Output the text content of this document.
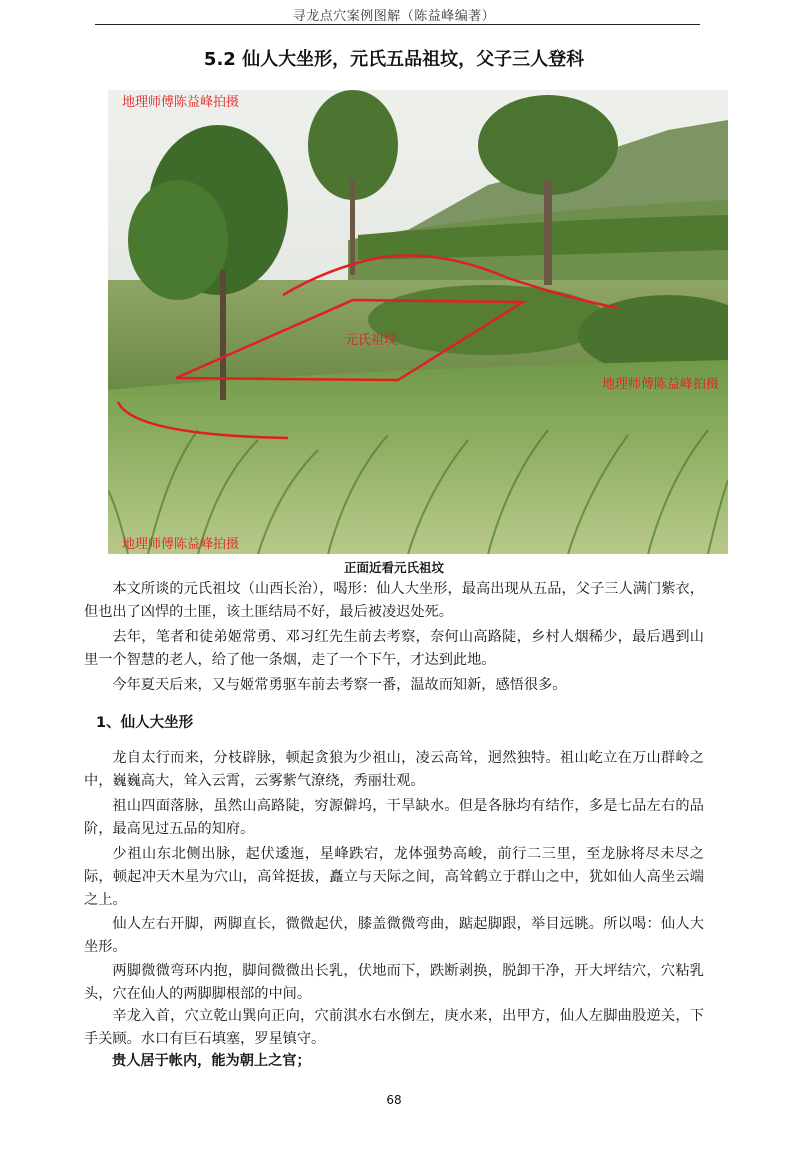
寻龙点穴案例图解（陈益峰编著）
5.2 仙人大坐形，元氏五品祖坟，父子三人登科
地理师傅陈益峰拍摄
元氏祖坟
地理师傅陈益峰拍摄
地理师傅陈益峰拍摄
正面近看元氏祖坟

本文所谈的元氏祖坟（山西长治），喝形：仙人大坐形，最高出现从五品，父子三人满门紫衣，但也出了凶悍的土匪，该土匪结局不好，最后被凌迟处死。

去年，笔者和徒弟姬常勇、邓习红先生前去考察，奈何山高路陡，乡村人烟稀少，最后遇到山里一个智慧的老人，给了他一条烟，走了一个下午，才达到此地。

今年夏天后来，又与姬常勇驱车前去考察一番，温故而知新，感悟很多。

1、仙人大坐形

龙自太行而来，分枝辟脉，顿起贪狼为少祖山，凌云高耸，迥然独特。祖山屹立在万山群岭之中，巍巍高大，耸入云霄，云雾紫气潦绕，秀丽壮观。

祖山四面落脉，虽然山高路陡，穷源僻坞，干旱缺水。但是各脉均有结作，多是七品左右的品阶，最高见过五品的知府。

少祖山东北侧出脉，起伏逶迤，星峰跌宕，龙体强势高峻，前行二三里，至龙脉将尽未尽之际，顿起冲天木星为穴山，高耸挺拔，矗立与天际之间，高耸鹤立于群山之中，犹如仙人高坐云端之上。

仙人左右开脚，两脚直长，微微起伏，膝盖微微弯曲，踮起脚跟，举目远眺。所以喝：仙人大坐形。

两脚微微弯环内抱，脚间微微出长乳，伏地而下，跌断剥换，脱卸干净，开大坪结穴，穴粘乳头，穴在仙人的两脚脚根部的中间。

辛龙入首，穴立乾山巽向正向，穴前淇水右水倒左，庚水来，出甲方，仙人左脚曲股逆关，下手关顾。水口有巨石填塞，罗星镇守。

贵人居于帐内，能为朝上之官；

68
